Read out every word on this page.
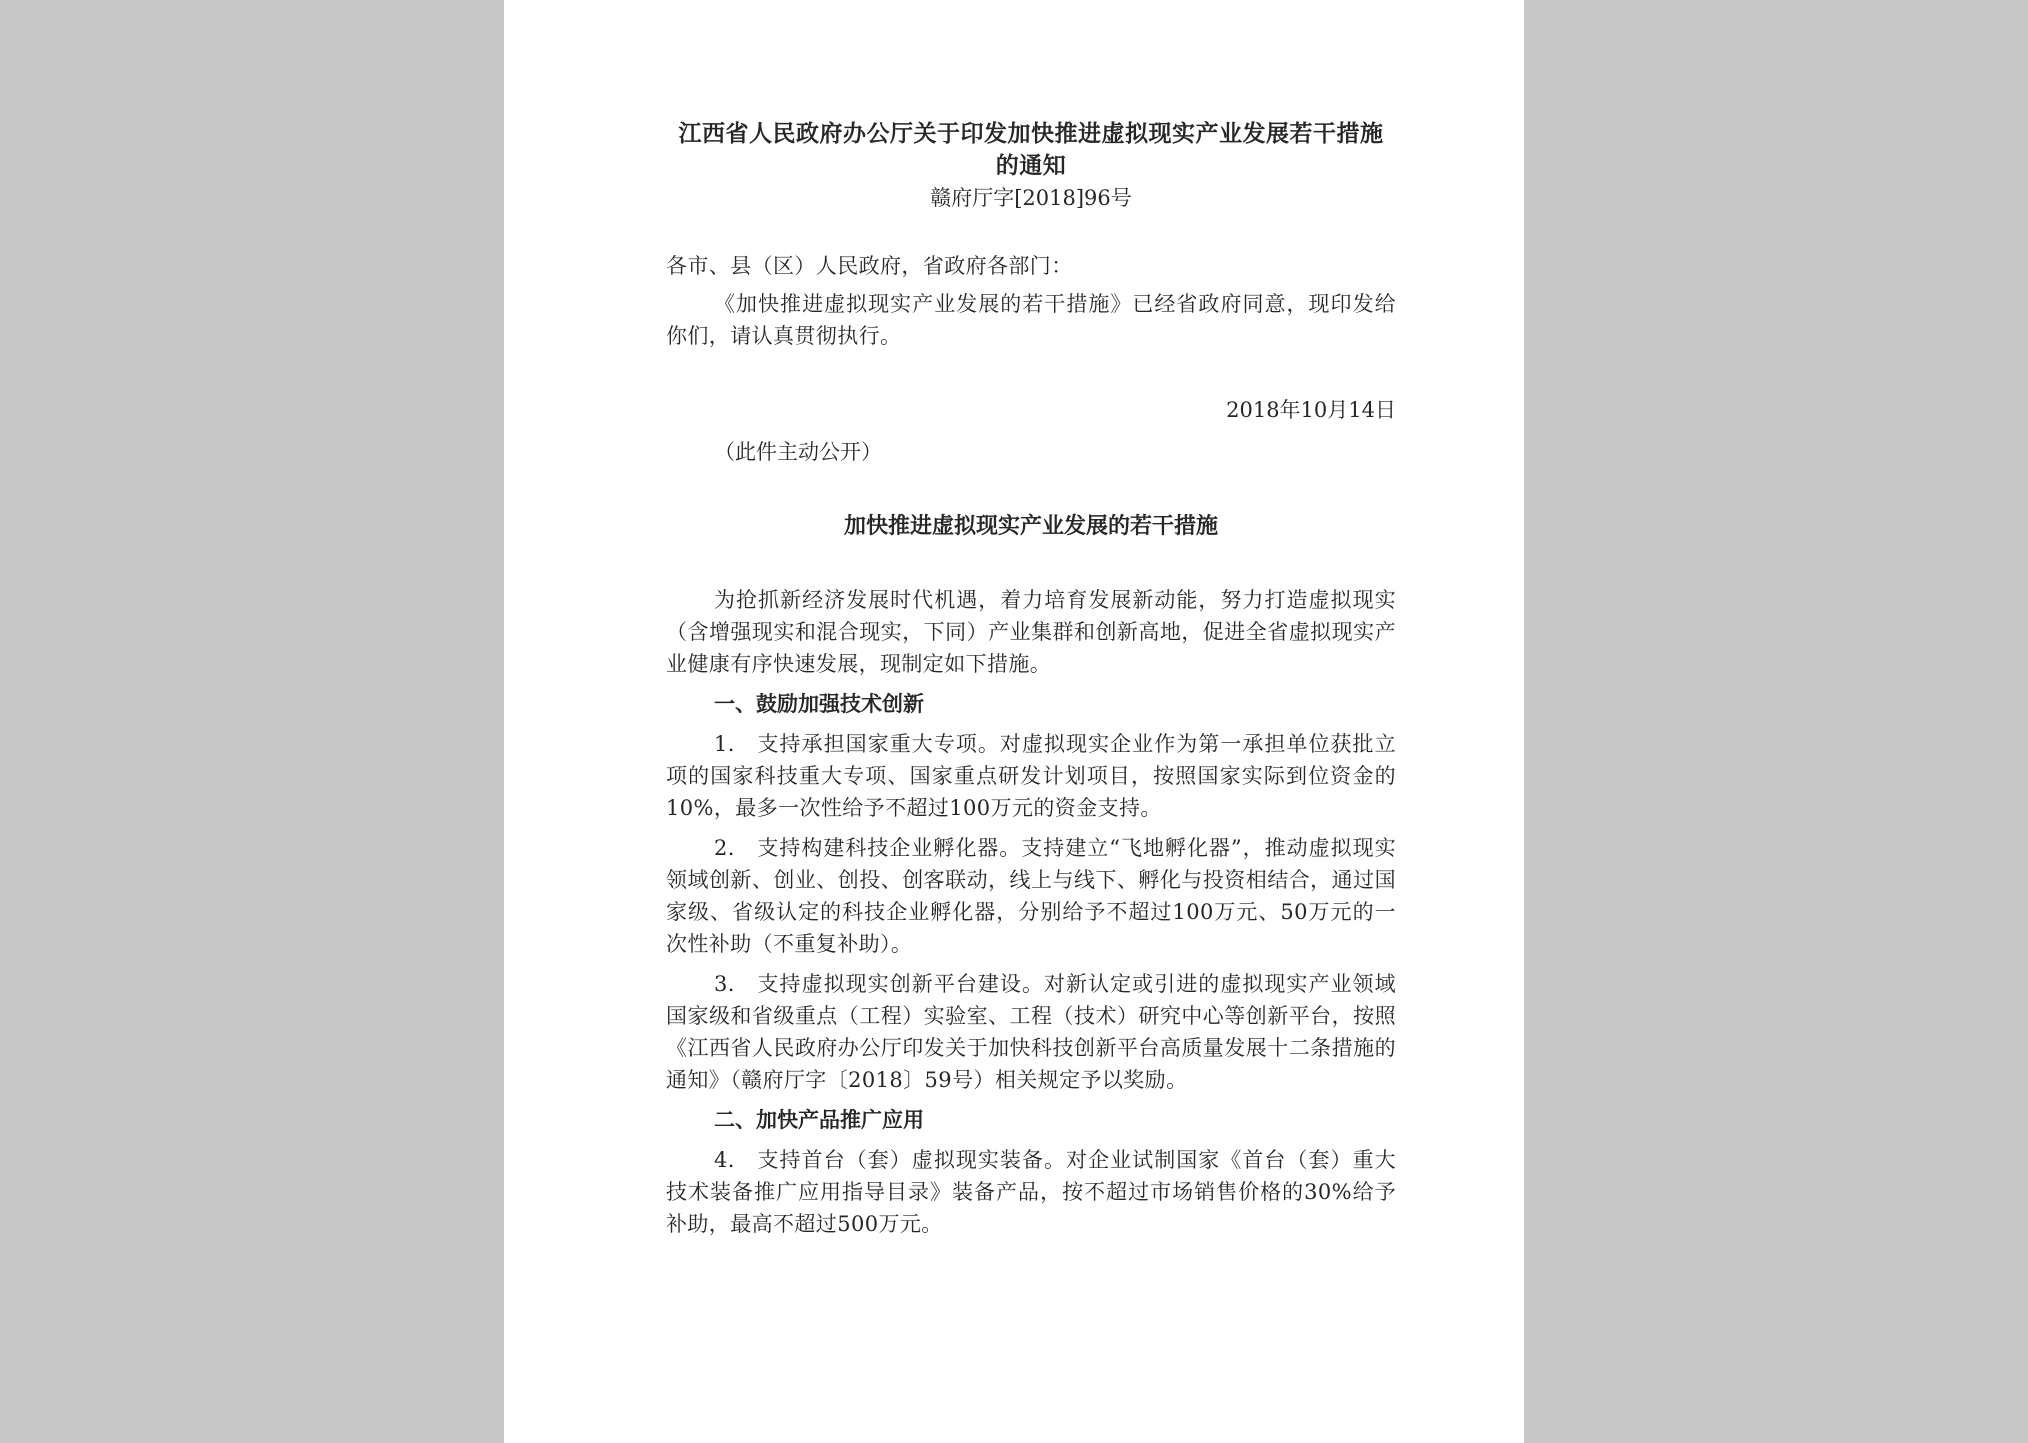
江西省人民政府办公厅关于印发加快推进虚拟现实产业发展若干措施的通知

赣府厅字[2018]96号

各市、县（区）人民政府，省政府各部门：

《加快推进虚拟现实产业发展的若干措施》已经省政府同意，现印发给你们，请认真贯彻执行。

2018年10月14日

（此件主动公开）

加快推进虚拟现实产业发展的若干措施

为抢抓新经济发展时代机遇，着力培育发展新动能，努力打造虚拟现实（含增强现实和混合现实，下同）产业集群和创新高地，促进全省虚拟现实产业健康有序快速发展，现制定如下措施。

一、鼓励加强技术创新

1.　支持承担国家重大专项。对虚拟现实企业作为第一承担单位获批立项的国家科技重大专项、国家重点研发计划项目，按照国家实际到位资金的10%，最多一次性给予不超过100万元的资金支持。

2.　支持构建科技企业孵化器。支持建立“飞地孵化器”，推动虚拟现实领域创新、创业、创投、创客联动，线上与线下、孵化与投资相结合，通过国家级、省级认定的科技企业孵化器，分别给予不超过100万元、50万元的一次性补助（不重复补助）。

3.　支持虚拟现实创新平台建设。对新认定或引进的虚拟现实产业领域国家级和省级重点（工程）实验室、工程（技术）研究中心等创新平台，按照《江西省人民政府办公厅印发关于加快科技创新平台高质量发展十二条措施的通知》（赣府厅字〔2018〕59号）相关规定予以奖励。

二、加快产品推广应用

4.　支持首台（套）虚拟现实装备。对企业试制国家《首台（套）重大技术装备推广应用指导目录》装备产品，按不超过市场销售价格的30%给予补助，最高不超过500万元。
